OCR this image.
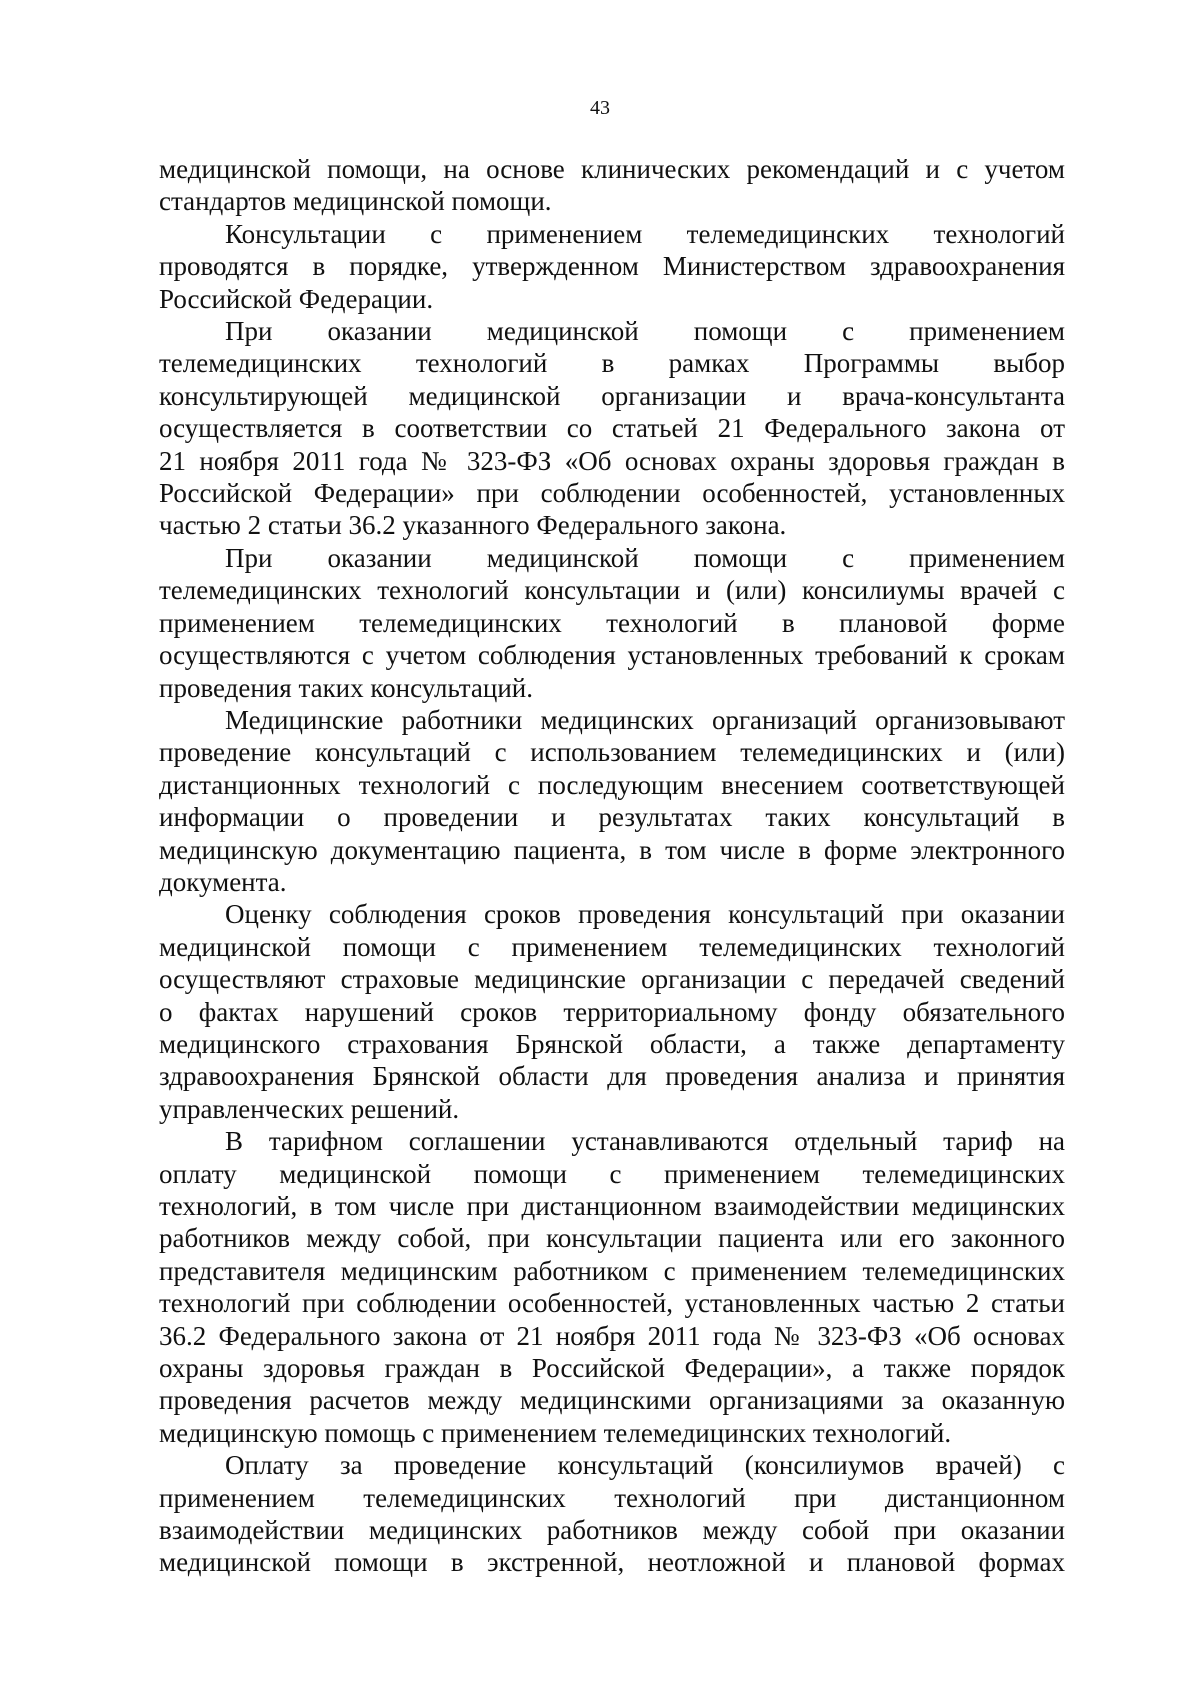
43
медицинской помощи, на основе клинических рекомендаций и с учетом
стандартов медицинской помощи.
Консультации с применением телемедицинских технологий
проводятся в порядке, утвержденном Министерством здравоохранения
Российской Федерации.
При оказании медицинской помощи с применением
телемедицинских технологий в рамках Программы выбор
консультирующей медицинской организации и врача-консультанта
осуществляется в соответствии со статьей 21 Федерального закона от
21 ноября 2011 года № 323-ФЗ «Об основах охраны здоровья граждан в
Российской Федерации» при соблюдении особенностей, установленных
частью 2 статьи 36.2 указанного Федерального закона.
При оказании медицинской помощи с применением
телемедицинских технологий консультации и (или) консилиумы врачей с
применением телемедицинских технологий в плановой форме
осуществляются с учетом соблюдения установленных требований к срокам
проведения таких консультаций.
Медицинские работники медицинских организаций организовывают
проведение консультаций с использованием телемедицинских и (или)
дистанционных технологий с последующим внесением соответствующей
информации о проведении и результатах таких консультаций в
медицинскую документацию пациента, в том числе в форме электронного
документа.
Оценку соблюдения сроков проведения консультаций при оказании
медицинской помощи с применением телемедицинских технологий
осуществляют страховые медицинские организации с передачей сведений
о фактах нарушений сроков территориальному фонду обязательного
медицинского страхования Брянской области, а также департаменту
здравоохранения Брянской области для проведения анализа и принятия
управленческих решений.
В тарифном соглашении устанавливаются отдельный тариф на
оплату медицинской помощи с применением телемедицинских
технологий, в том числе при дистанционном взаимодействии медицинских
работников между собой, при консультации пациента или его законного
представителя медицинским работником с применением телемедицинских
технологий при соблюдении особенностей, установленных частью 2 статьи
36.2 Федерального закона от 21 ноября 2011 года № 323-ФЗ «Об основах
охраны здоровья граждан в Российской Федерации», а также порядок
проведения расчетов между медицинскими организациями за оказанную
медицинскую помощь с применением телемедицинских технологий.
Оплату за проведение консультаций (консилиумов врачей) с
применением телемедицинских технологий при дистанционном
взаимодействии медицинских работников между собой при оказании
медицинской помощи в экстренной, неотложной и плановой формах
